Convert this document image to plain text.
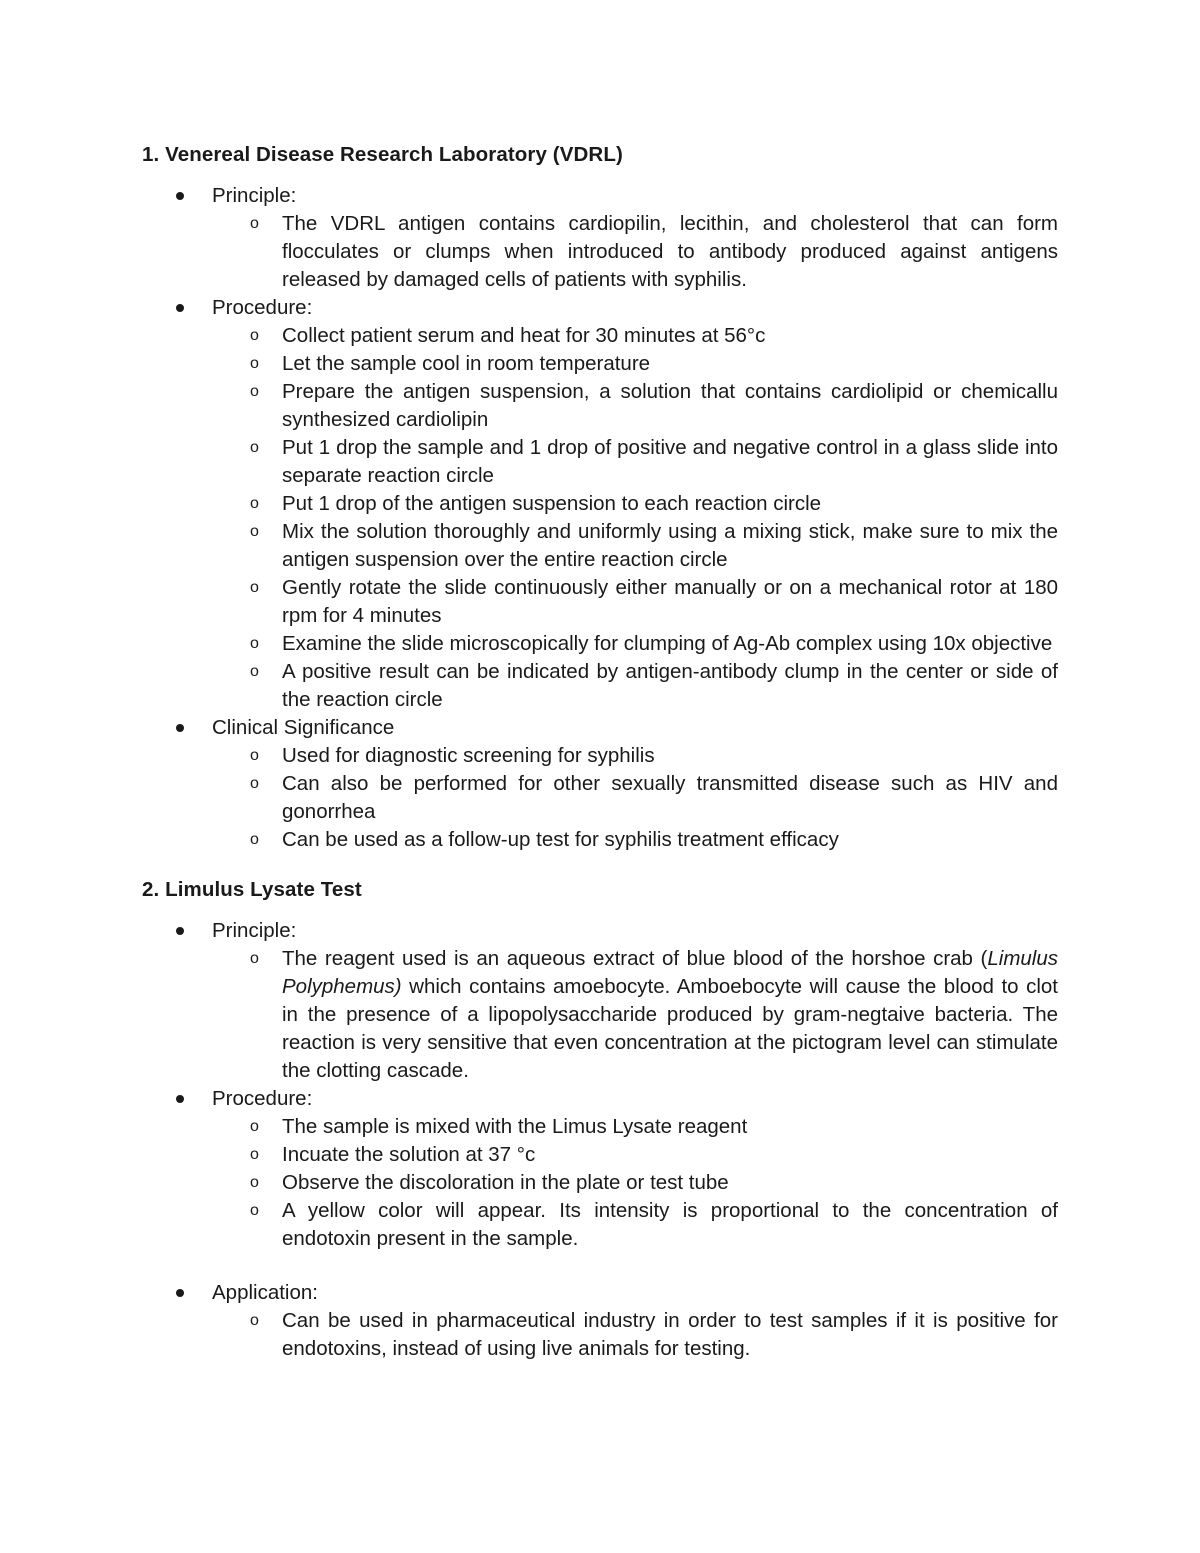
1. Venereal Disease Research Laboratory (VDRL)
Principle:
o The VDRL antigen contains cardiopilin, lecithin, and cholesterol that can form flocculates or clumps when introduced to antibody produced against antigens released by damaged cells of patients with syphilis.
Procedure:
o Collect patient serum and heat for 30 minutes at 56°c
o Let the sample cool in room temperature
o Prepare the antigen suspension, a solution that contains cardiolipid or chemicallu synthesized cardiolipin
o Put 1 drop the sample and 1 drop of positive and negative control in a glass slide into separate reaction circle
o Put 1 drop of the antigen suspension to each reaction circle
o Mix the solution thoroughly and uniformly using a mixing stick, make sure to mix the antigen suspension over the entire reaction circle
o Gently rotate the slide continuously either manually or on a mechanical rotor at 180 rpm for 4 minutes
o Examine the slide microscopically for clumping of Ag-Ab complex using 10x objective
o A positive result can be indicated by antigen-antibody clump in the center or side of the reaction circle
Clinical Significance
o Used for diagnostic screening for syphilis
o Can also be performed for other sexually transmitted disease such as HIV and gonorrhea
o Can be used as a follow-up test for syphilis treatment efficacy
2. Limulus Lysate Test
Principle:
o The reagent used is an aqueous extract of blue blood of the horshoe crab (Limulus Polyphemus) which contains amoebocyte. Amboebocyte will cause the blood to clot in the presence of a lipopolysaccharide produced by gram-negtaive bacteria. The reaction is very sensitive that even concentration at the pictogram level can stimulate the clotting cascade.
Procedure:
o The sample is mixed with the Limus Lysate reagent
o Incuate the solution at 37 °c
o Observe the discoloration in the plate or test tube
o A yellow color will appear. Its intensity is proportional to the concentration of endotoxin present in the sample.
Application:
o Can be used in pharmaceutical industry in order to test samples if it is positive for endotoxins, instead of using live animals for testing.
